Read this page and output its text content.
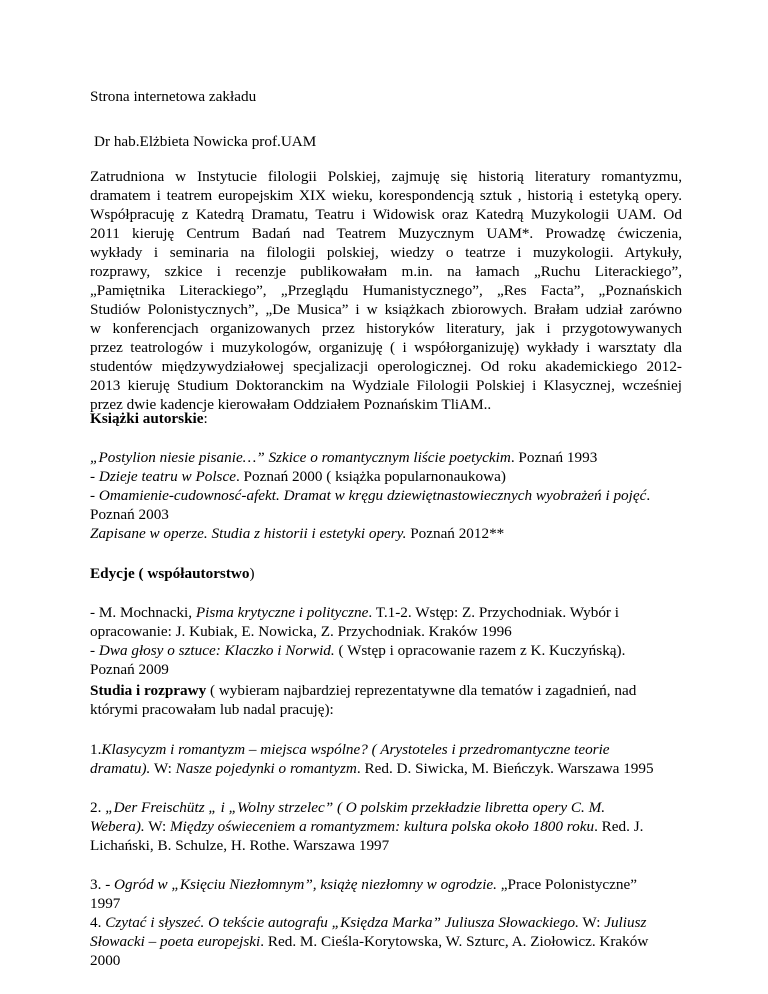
Strona internetowa zakładu

Dr hab.Elżbieta Nowicka prof.UAM

Zatrudniona w Instytucie filologii Polskiej, zajmuję się historią literatury romantyzmu,
dramatem i teatrem europejskim XIX wieku, korespondencją sztuk , historią i estetyką opery.
Współpracuję z Katedrą Dramatu, Teatru i Widowisk oraz Katedrą Muzykologii UAM. Od
2011 kieruję Centrum Badań nad Teatrem Muzycznym UAM*. Prowadzę ćwiczenia,
wykłady i seminaria na filologii polskiej, wiedzy o teatrze i muzykologii. Artykuły,
rozprawy, szkice i recenzje publikowałam m.in. na łamach „Ruchu Literackiego”,
„Pamiętnika Literackiego”, „Przeglądu Humanistycznego”, „Res Facta”, „Poznańskich
Studiów Polonistycznych”, „De Musica” i w książkach zbiorowych. Brałam udział zarówno
w konferencjach organizowanych przez historyków literatury, jak i przygotowywanych
przez teatrologów i muzykologów, organizuję ( i współorganizuję) wykłady i warsztaty dla
studentów międzywydziałowej specjalizacji operologicznej. Od roku akademickiego 2012-
2013 kieruję Studium Doktoranckim na Wydziale Filologii Polskiej i Klasycznej, wcześniej
przez dwie kadencje kierowałam Oddziałem Poznańskim TliAM..

Książki autorskie:

„Postylion niesie pisanie…” Szkice o romantycznym liście poetyckim. Poznań 1993
- Dzieje teatru w Polsce. Poznań 2000 ( książka popularnonaukowa)
- Omamienie-cudownosć-afekt. Dramat w kręgu dziewiętnastowiecznych wyobrażeń i pojęć.
Poznań 2003
Zapisane w operze. Studia z historii i estetyki opery. Poznań 2012**

Edycje ( współautorstwo)

- M. Mochnacki, Pisma krytyczne i polityczne. T.1-2. Wstęp: Z. Przychodniak. Wybór i
opracowanie: J. Kubiak, E. Nowicka, Z. Przychodniak. Kraków 1996
- Dwa głosy o sztuce: Klaczko i Norwid. ( Wstęp i opracowanie razem z K. Kuczyńską).
Poznań 2009

Studia i rozprawy ( wybieram najbardziej reprezentatywne dla tematów i zagadnień, nad
którymi pracowałam lub nadal pracuję):

1.Klasycyzm i romantyzm – miejsca wspólne? ( Arystoteles i przedromantyczne teorie
dramatu). W: Nasze pojedynki o romantyzm. Red. D. Siwicka, M. Bieńczyk. Warszawa 1995

2. „Der Freischütz „ i „Wolny strzelec” ( O polskim przekładzie libretta opery C. M.
Webera). W: Między oświeceniem a romantyzmem: kultura polska około 1800 roku. Red. J.
Lichański, B. Schulze, H. Rothe. Warszawa 1997

3. - Ogród w „Księciu Niezłomnym”, książę niezłomny w ogrodzie. „Prace Polonistyczne”
1997

4. Czytać i słyszeć. O tekście autografu „Księdza Marka” Juliusza Słowackiego. W: Juliusz
Słowacki – poeta europejski. Red. M. Cieśla-Korytowska, W. Szturc, A. Ziołowicz. Kraków
2000
